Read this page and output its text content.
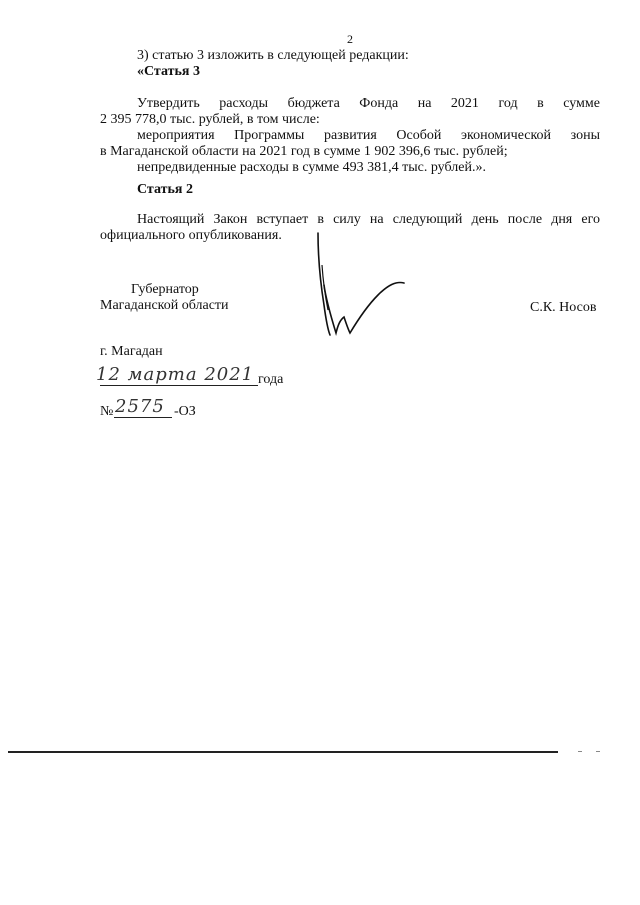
2
3) статью 3 изложить в следующей редакции:
«Статья 3
Утвердить расходы бюджета Фонда на 2021 год в сумме
2 395 778,0 тыс. рублей, в том числе:
мероприятия Программы развития Особой экономической зоны
в Магаданской области на 2021 год в сумме 1 902 396,6 тыс. рублей;
непредвиденные расходы в сумме 493 381,4 тыс. рублей.».
Статья 2
Настоящий Закон вступает в силу на следующий день после дня его
официального опубликования.
Губернатор
Магаданской области	С.К. Носов
г. Магадан
12 марта 2021 года
№ 2575 -ОЗ
